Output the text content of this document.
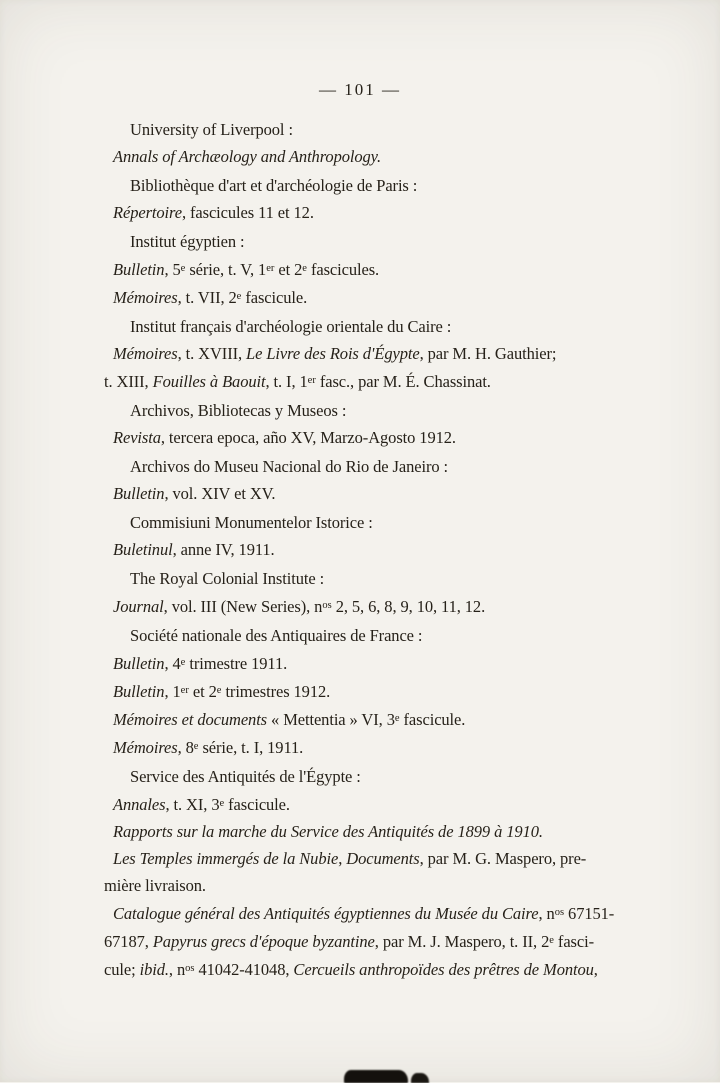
— 101 —

University of Liverpool :

Annals of Archæology and Anthropology.

Bibliothèque d'art et d'archéologie de Paris :

Répertoire, fascicules 11 et 12.

Institut égyptien :

Bulletin, 5e série, t. V, 1er et 2e fascicules.

Mémoires, t. VII, 2e fascicule.

Institut français d'archéologie orientale du Caire :

Mémoires, t. XVIII, Le Livre des Rois d'Égypte, par M. H. Gauthier;

t. XIII, Fouilles à Baouit, t. I, 1er fasc., par M. É. Chassinat.

Archivos, Bibliotecas y Museos :

Revista, tercera epoca, año XV, Marzo-Agosto 1912.

Archivos do Museu Nacional do Rio de Janeiro :

Bulletin, vol. XIV et XV.

Commisiuni Monumentelor Istorice :

Buletinul, anne IV, 1911.

The Royal Colonial Institute :

Journal, vol. III (New Series), $n^{os}$ 2, 5, 6, 8, 9, 10, 11, 12.

Société nationale des Antiquaires de France :

Bulletin, 4e trimestre 1911.

Bulletin, 1er et 2e trimestres 1912.

Mémoires et documents « Mettentia » VI, 3e fascicule.

Mémoires, 8e série, t. I, 1911.

Service des Antiquités de l'Égypte :

Annales, t. XI, 3e fascicule.

Rapports sur la marche du Service des Antiquités de 1899 à 1910.

Les Temples immergés de la Nubie, Documents, par M. G. Maspero, pre-

mière livraison.

Catalogue général des Antiquités égyptiennes du Musée du Caire, $n^{os}$ 67151-

67187, Papyrus grecs d'époque byzantine, par M. J. Maspero, t. II, 2e fasci-

cule; ibid., $n^{os}$ 41042-41048, Cercueils anthropoïdes des prêtres de Montou,
